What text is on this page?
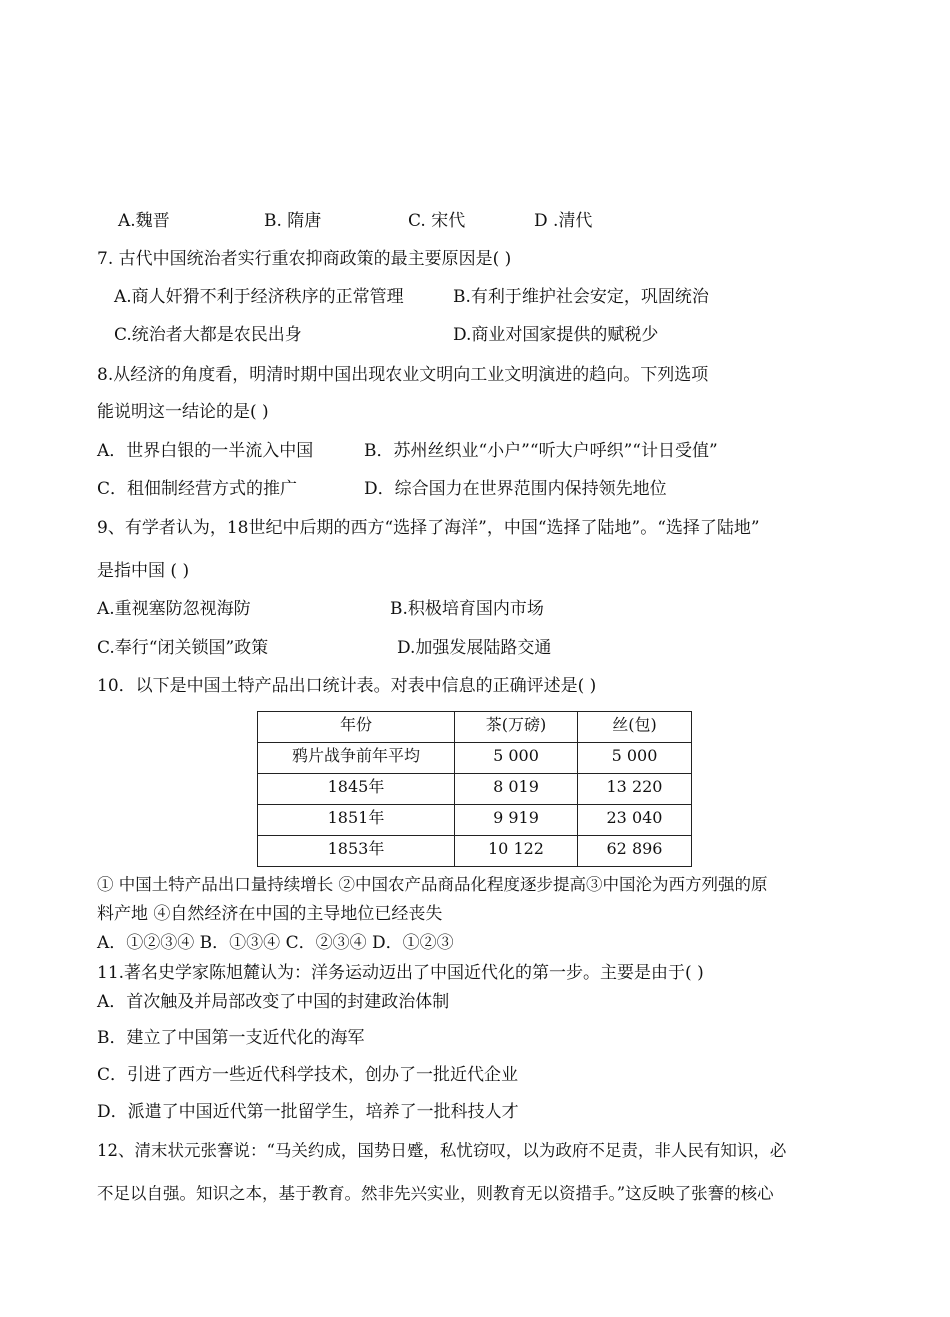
A.魏晋	B. 隋唐	C. 宋代	D .清代
7. 古代中国统治者实行重农抑商政策的最主要原因是( )
A.商人奸猾不利于经济秩序的正常管理	B.有利于维护社会安定，巩固统治
C.统治者大都是农民出身	D.商业对国家提供的赋税少
8.从经济的角度看，明清时期中国出现农业文明向工业文明演进的趋向。下列选项
能说明这一结论的是( )
A．世界白银的一半流入中国	B．苏州丝织业“小户”“听大户呼织”“计日受值”
C．租佃制经营方式的推广	D．综合国力在世界范围内保持领先地位
9、有学者认为，18世纪中后期的西方“选择了海洋”，中国“选择了陆地”。“选择了陆地”
是指中国 ( )
A.重视塞防忽视海防	B.积极培育国内市场
C.奉行“闭关锁国”政策	D.加强发展陆路交通
10．以下是中国土特产品出口统计表。对表中信息的正确评述是( )
年份	茶(万磅)	丝(包)
鸦片战争前年平均	5 000	5 000
1845年	8 019	13 220
1851年	9 919	23 040
1853年	10 122	62 896
① 中国土特产品出口量持续增长 ②中国农产品商品化程度逐步提高③中国沦为西方列强的原
料产地 ④自然经济在中国的主导地位已经丧失
A．①②③④ B．①③④ C．②③④ D．①②③
11.著名史学家陈旭麓认为：洋务运动迈出了中国近代化的第一步。主要是由于( )
A．首次触及并局部改变了中国的封建政治体制
B．建立了中国第一支近代化的海军
C．引进了西方一些近代科学技术，创办了一批近代企业
D．派遣了中国近代第一批留学生，培养了一批科技人才
12、清末状元张謇说：“马关约成，国势日蹙，私忧窃叹，以为政府不足责，非人民有知识，必
不足以自强。知识之本，基于教育。然非先兴实业，则教育无以资措手。”这反映了张謇的核心
